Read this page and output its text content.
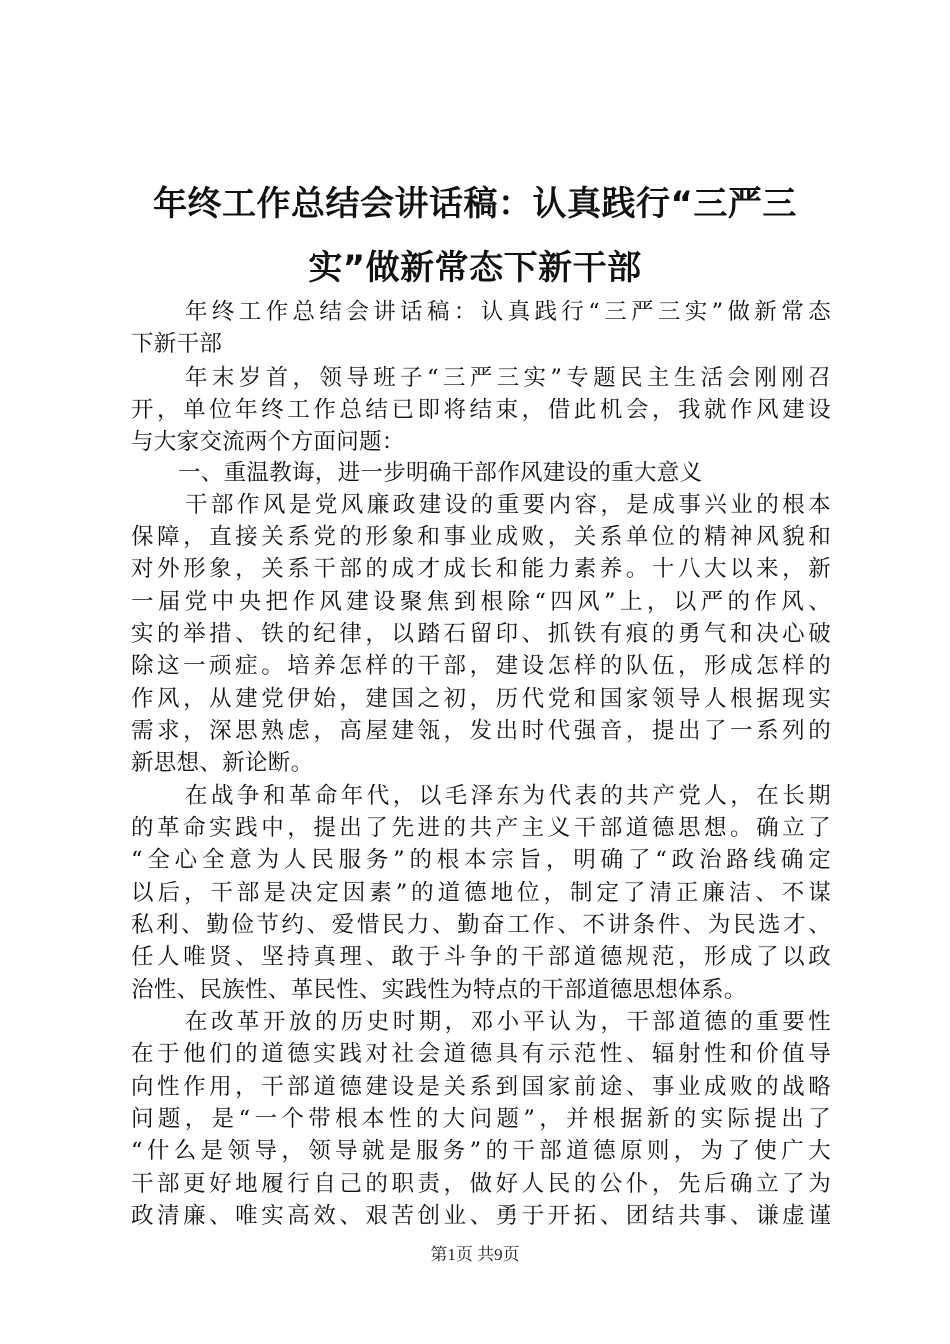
年终工作总结会讲话稿：认真践行“三严三
实”做新常态下新干部
年终工作总结会讲话稿：认真践行“三严三实”做新常态
下新干部
年末岁首，领导班子“三严三实”专题民主生活会刚刚召
开，单位年终工作总结已即将结束，借此机会，我就作风建设
与大家交流两个方面问题：
一、重温教诲，进一步明确干部作风建设的重大意义
干部作风是党风廉政建设的重要内容，是成事兴业的根本
保障，直接关系党的形象和事业成败，关系单位的精神风貌和
对外形象，关系干部的成才成长和能力素养。十八大以来，新
一届党中央把作风建设聚焦到根除“四风”上，以严的作风、
实的举措、铁的纪律，以踏石留印、抓铁有痕的勇气和决心破
除这一顽症。培养怎样的干部，建设怎样的队伍，形成怎样的
作风，从建党伊始，建国之初，历代党和国家领导人根据现实
需求，深思熟虑，高屋建瓴，发出时代强音，提出了一系列的
新思想、新论断。
在战争和革命年代，以毛泽东为代表的共产党人，在长期
的革命实践中，提出了先进的共产主义干部道德思想。确立了
“全心全意为人民服务”的根本宗旨，明确了“政治路线确定
以后，干部是决定因素”的道德地位，制定了清正廉洁、不谋
私利、勤俭节约、爱惜民力、勤奋工作、不讲条件、为民选才、
任人唯贤、坚持真理、敢于斗争的干部道德规范，形成了以政
治性、民族性、革民性、实践性为特点的干部道德思想体系。
在改革开放的历史时期，邓小平认为，干部道德的重要性
在于他们的道德实践对社会道德具有示范性、辐射性和价值导
向性作用，干部道德建设是关系到国家前途、事业成败的战略
问题，是“一个带根本性的大问题”，并根据新的实际提出了
“什么是领导，领导就是服务”的干部道德原则，为了使广大
干部更好地履行自己的职责，做好人民的公仆，先后确立了为
政清廉、唯实高效、艰苦创业、勇于开拓、团结共事、谦虚谨
第1页 共9页
